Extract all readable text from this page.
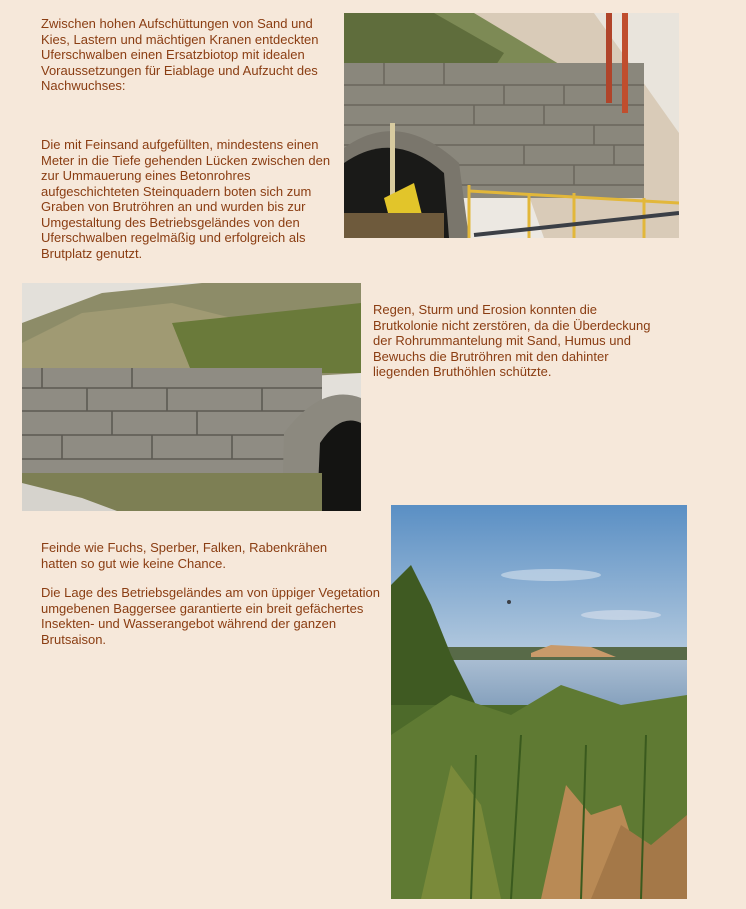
Zwischen hohen Aufschüttungen von Sand und Kies, Lastern und mächtigen Kranen entdeckten Uferschwalben einen Ersatzbiotop mit idealen Voraussetzungen für Eiablage und Aufzucht des Nachwuchses:

Die mit Feinsand aufgefüllten, mindestens einen Meter in die Tiefe gehenden Lücken zwischen den zur Ummauerung eines Betonrohres aufgeschichteten Steinquadern boten sich zum Graben von Brutröhren an und wurden bis zur Umgestaltung des Betriebsgeländes von den Uferschwalben regelmäßig und erfolgreich als Brutplatz genutzt.

Regen, Sturm und Erosion konnten die Brutkolonie nicht zerstören, da die Überdeckung der Rohrummantelung mit Sand, Humus und Bewuchs die Brutröhren mit den dahinter liegenden Bruthöhlen schützte.

Feinde wie Fuchs, Sperber, Falken, Rabenkrähen hatten so gut wie keine Chance.

Die Lage des Betriebsgeländes am von üppiger Vegetation umgebenen Baggersee garantierte ein breit gefächertes Insekten- und Wasserangebot während der ganzen Brutsaison.
